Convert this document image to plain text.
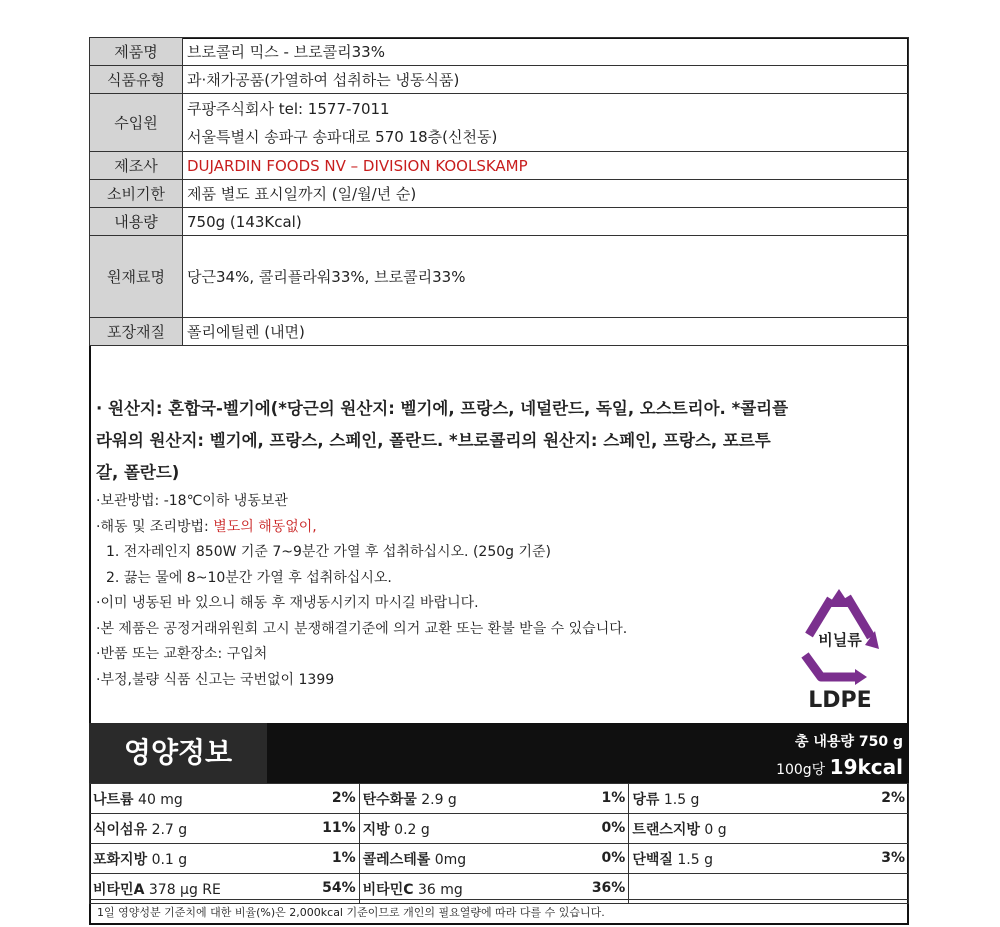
제품명	브로콜리 믹스 - 브로콜리33%
식품유형	과·채가공품(가열하여 섭취하는 냉동식품)
수입원	쿠팡주식회사 tel: 1577-7011
서울특별시 송파구 송파대로 570 18층(신천동)

제조사	DUJARDIN FOODS NV – DIVISION KOOLSKAMP
소비기한	제품 별도 표시일까지 (일/월/년 순)
내용량	750g (143Kcal)
원재료명	당근34%, 콜리플라워33%, 브로콜리33%
포장재질	폴리에틸렌 (내면)

· 원산지: 혼합국-벨기에(*당근의 원산지: 벨기에, 프랑스, 네덜란드, 독일, 오스트리아. *콜리플

라워의 원산지: 벨기에, 프랑스, 스페인, 폴란드. *브로콜리의 원산지: 스페인, 프랑스, 포르투

갈, 폴란드)

·보관방법: -18℃이하 냉동보관

·해동 및 조리방법: 별도의 해동없이,

1. 전자레인지 850W 기준 7~9분간 가열 후 섭취하십시오. (250g 기준)

2. 끓는 물에 8~10분간 가열 후 섭취하십시오.

·이미 냉동된 바 있으니 해동 후 재냉동시키지 마시길 바랍니다.

·본 제품은 공정거래위원회 고시 분쟁해결기준에 의거 교환 또는 환불 받을 수 있습니다.

·반품 또는 교환장소: 구입처

·부정,불량 식품 신고는 국번없이 1399

비닐류
LDPE
영양정보	총 내용량 750 g
100g당 19kcal
나트륨 40 mg 2%	탄수화물 2.9 g 1%	당류 1.5 g 2%

식이섬유 2.7 g 11%	지방 0.2 g 0%	트랜스지방 0 g

포화지방 0.1 g 1%	콜레스테롤 0mg 0%	단백질 1.5 g 3%

비타민A 378 μg RE 54%	비타민C 36 mg 36%	

1일 영양성분 기준치에 대한 비율(%)은 2,000kcal 기준이므로 개인의 필요열량에 따라 다를 수 있습니다.
